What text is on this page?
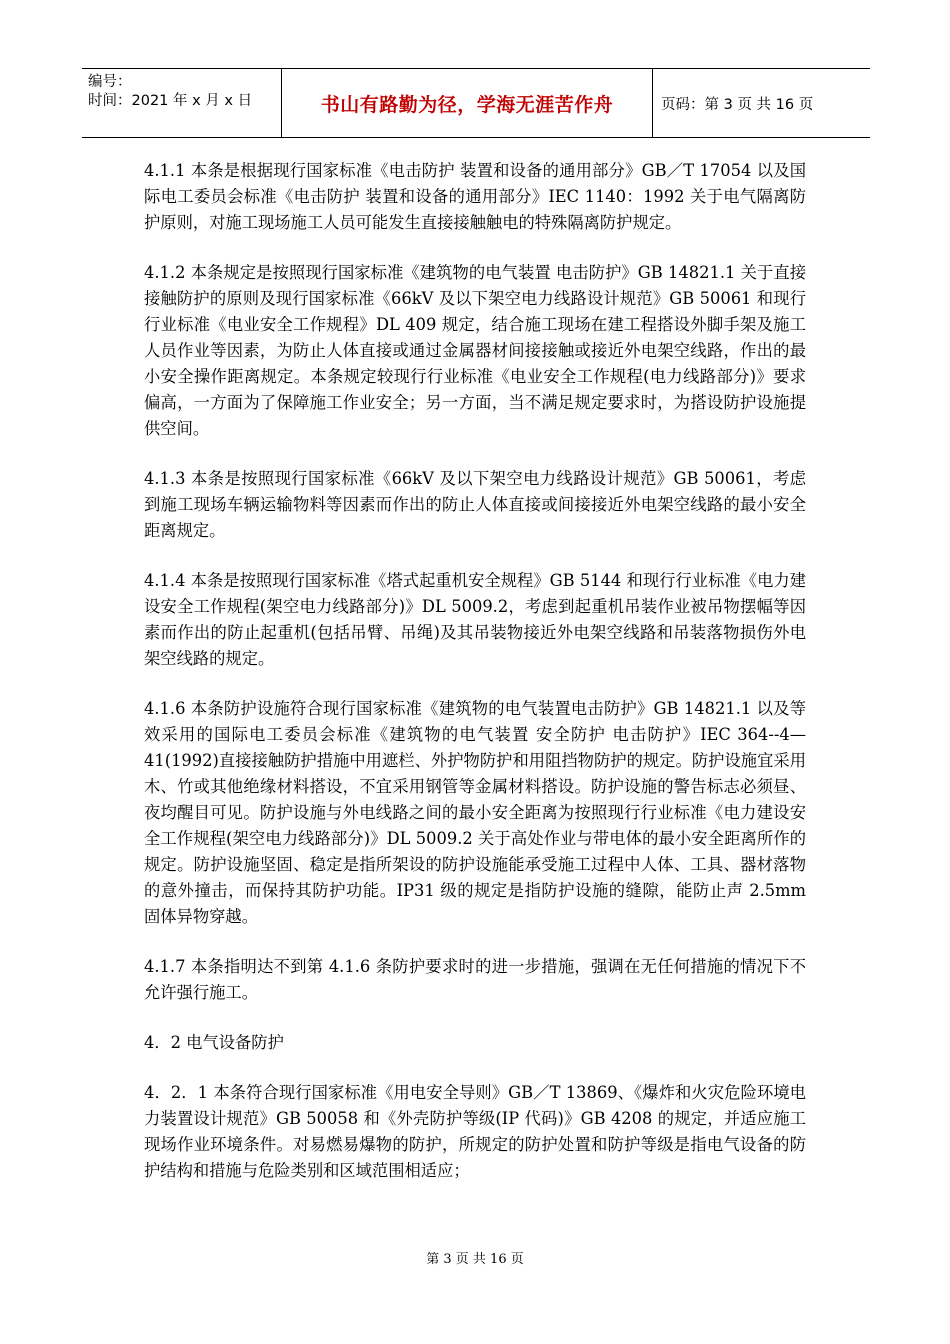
编号：
时间：2021 年 x 月 x 日	书山有路勤为径，学海无涯苦作舟	页码：第 3 页 共 16 页

4.1.1 本条是根据现行国家标准《电击防护 装置和设备的通用部分》GB／T 17054 以及国际电工委员会标准《电击防护 装置和设备的通用部分》IEC 1140：1992 关于电气隔离防护原则，对施工现场施工人员可能发生直接接触触电的特殊隔离防护规定。

4.1.2 本条规定是按照现行国家标准《建筑物的电气装置 电击防护》GB 14821.1 关于直接接触防护的原则及现行国家标准《66kV 及以下架空电力线路设计规范》GB 50061 和现行行业标准《电业安全工作规程》DL 409 规定，结合施工现场在建工程搭设外脚手架及施工人员作业等因素，为防止人体直接或通过金属器材间接接触或接近外电架空线路，作出的最小安全操作距离规定。本条规定较现行行业标准《电业安全工作规程(电力线路部分)》要求偏高，一方面为了保障施工作业安全；另一方面，当不满足规定要求时，为搭设防护设施提供空间。

4.1.3 本条是按照现行国家标准《66kV 及以下架空电力线路设计规范》GB 50061，考虑到施工现场车辆运输物料等因素而作出的防止人体直接或间接接近外电架空线路的最小安全距离规定。

4.1.4 本条是按照现行国家标准《塔式起重机安全规程》GB 5144 和现行行业标准《电力建设安全工作规程(架空电力线路部分)》DL 5009.2，考虑到起重机吊装作业被吊物摆幅等因素而作出的防止起重机(包括吊臂、吊绳)及其吊装物接近外电架空线路和吊装落物损伤外电架空线路的规定。

4.1.6 本条防护设施符合现行国家标准《建筑物的电气装置电击防护》GB 14821.1 以及等效采用的国际电工委员会标准《建筑物的电气装置 安全防护 电击防护》IEC 364--4—41(1992)直接接触防护措施中用遮栏、外护物防护和用阻挡物防护的规定。防护设施宜采用木、竹或其他绝缘材料搭设，不宜采用钢管等金属材料搭设。防护设施的警告标志必须昼、夜均醒目可见。防护设施与外电线路之间的最小安全距离为按照现行行业标准《电力建设安全工作规程(架空电力线路部分)》DL 5009.2 关于高处作业与带电体的最小安全距离所作的规定。防护设施坚固、稳定是指所架设的防护设施能承受施工过程中人体、工具、器材落物的意外撞击，而保持其防护功能。IP31 级的规定是指防护设施的缝隙，能防止声 2.5mm 固体异物穿越。

4.1.7 本条指明达不到第 4.1.6 条防护要求时的进一步措施，强调在无任何措施的情况下不允许强行施工。

4．2 电气设备防护

4．2．1 本条符合现行国家标准《用电安全导则》GB／T 13869、《爆炸和火灾危险环境电力装置设计规范》GB 50058 和《外壳防护等级(IP 代码)》GB 4208 的规定，并适应施工现场作业环境条件。对易燃易爆物的防护，所规定的防护处置和防护等级是指电气设备的防护结构和措施与危险类别和区域范围相适应；

第 3 页 共 16 页
